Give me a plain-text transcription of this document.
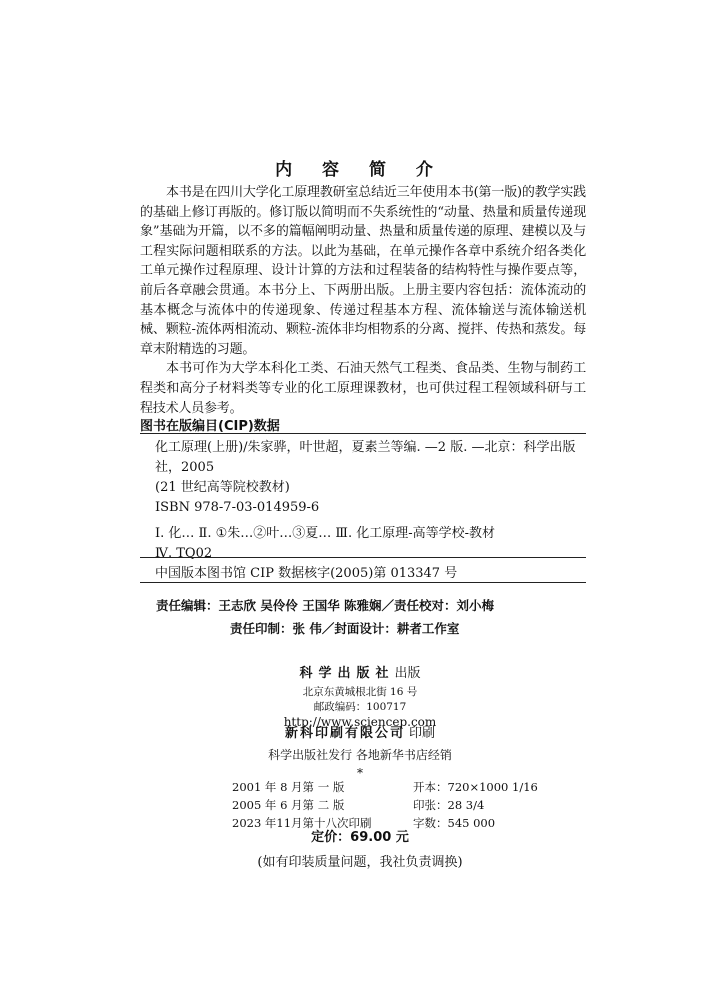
内 容 简 介

本书是在四川大学化工原理教研室总结近三年使用本书(第一版)的教学实践的基础上修订再版的。修订版以简明而不失系统性的“动量、热量和质量传递现象”基础为开篇，以不多的篇幅阐明动量、热量和质量传递的原理、建模以及与工程实际问题相联系的方法。以此为基础，在单元操作各章中系统介绍各类化工单元操作过程原理、设计计算的方法和过程装备的结构特性与操作要点等，前后各章融会贯通。本书分上、下两册出版。上册主要内容包括：流体流动的基本概念与流体中的传递现象、传递过程基本方程、流体输送与流体输送机械、颗粒-流体两相流动、颗粒-流体非均相物系的分离、搅拌、传热和蒸发。每章末附精选的习题。

本书可作为大学本科化工类、石油天然气工程类、食品类、生物与制药工程类和高分子材料类等专业的化工原理课教材，也可供过程工程领域科研与工程技术人员参考。

图书在版编目(CIP)数据
化工原理(上册)/朱家骅，叶世超，夏素兰等编. —2 版. —北京：科学出版社，2005
(21 世纪高等院校教材)
ISBN 978-7-03-014959-6
Ⅰ. 化… Ⅱ. ①朱…②叶…③夏… Ⅲ. 化工原理-高等学校-教材
Ⅳ. TQ02
中国版本图书馆 CIP 数据核字(2005)第 013347 号
责任编辑：王志欣 吴伶伶 王国华 陈雅娴／责任校对：刘小梅
责任印制：张 伟／封面设计：耕者工作室
科学出版社出版
北京东黄城根北街 16 号
邮政编码：100717
http://www.sciencep.com
新科印刷有限公司 印刷
科学出版社发行 各地新华书店经销
*
2001 年 8 月第 一 版	开本：720×1000 1/16
2005 年 6 月第 二 版	印张：28 3/4
2023 年11月第十八次印刷	字数：545 000
定价：69.00 元
(如有印装质量问题，我社负责调换)
